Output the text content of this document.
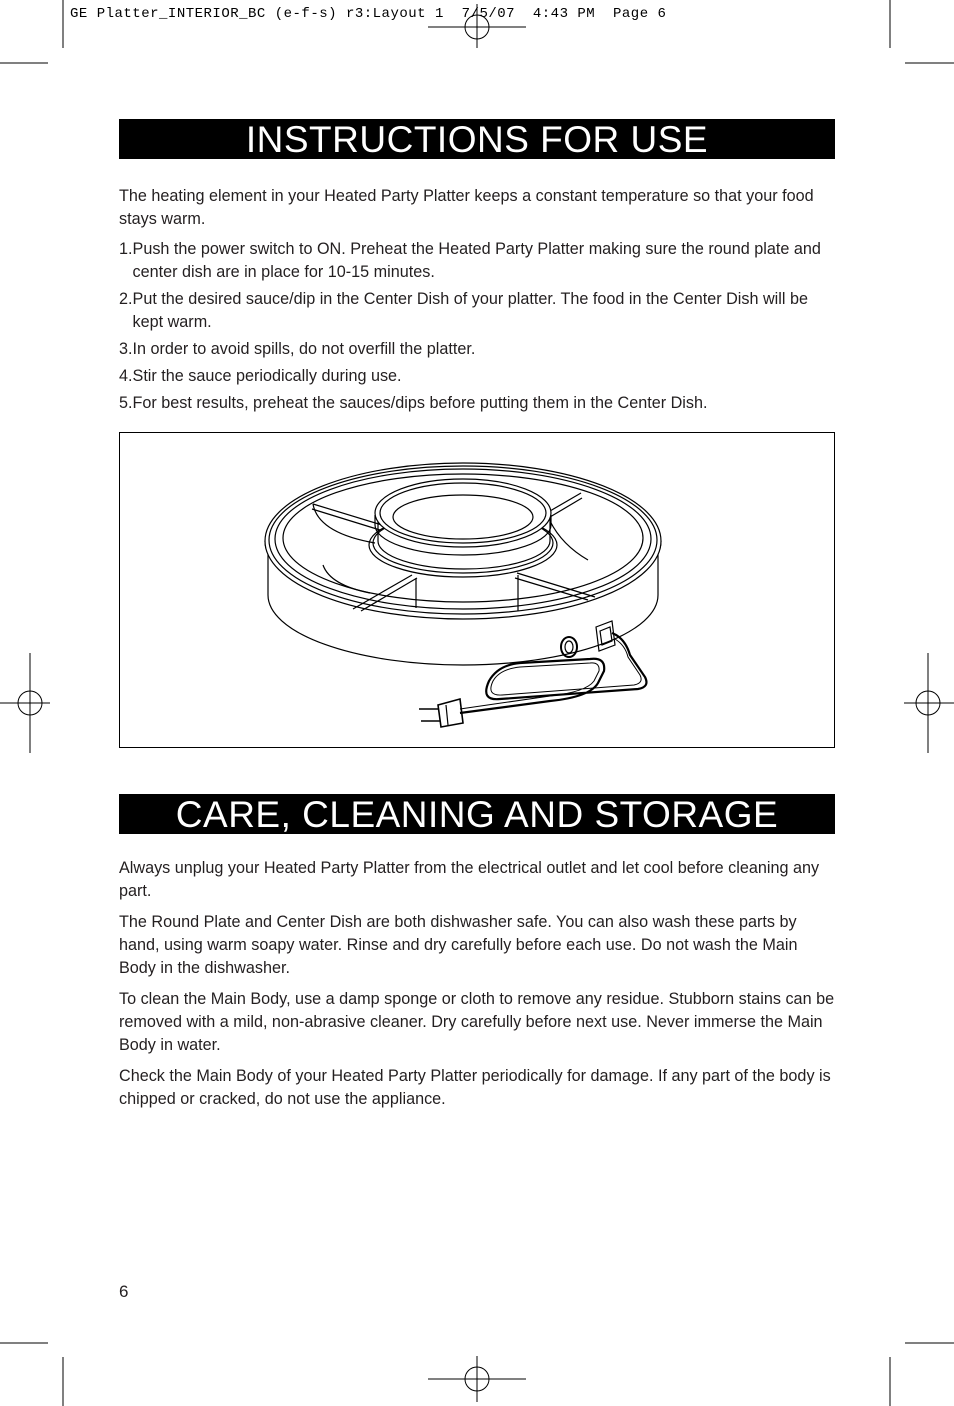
GE Platter_INTERIOR_BC (e-f-s) r3:Layout 1  7/5/07  4:43 PM  Page 6
INSTRUCTIONS FOR USE

The heating element in your Heated Party Platter keeps a constant temperature so that your food stays warm.

1. Push the power switch to ON. Preheat the Heated Party Platter making sure the round plate and center dish are in place for 10-15 minutes.
2. Put the desired sauce/dip in the Center Dish of your platter. The food in the Center Dish will be kept warm.
3. In order to avoid spills, do not overfill the platter.
4. Stir the sauce periodically during use.
5. For best results, preheat the sauces/dips before putting them in the Center Dish.
CARE, CLEANING AND STORAGE

Always unplug your Heated Party Platter from the electrical outlet and let cool before cleaning any part.

The Round Plate and Center Dish are both dishwasher safe. You can also wash these parts by hand, using warm soapy water. Rinse and dry carefully before each use. Do not wash the Main Body in the dishwasher.

To clean the Main Body, use a damp sponge or cloth to remove any residue. Stubborn stains can be removed with a mild, non-abrasive cleaner. Dry carefully before next use. Never immerse the Main Body in water.

Check the Main Body of your Heated Party Platter periodically for damage. If any part of the body is chipped or cracked, do not use the appliance.

6
